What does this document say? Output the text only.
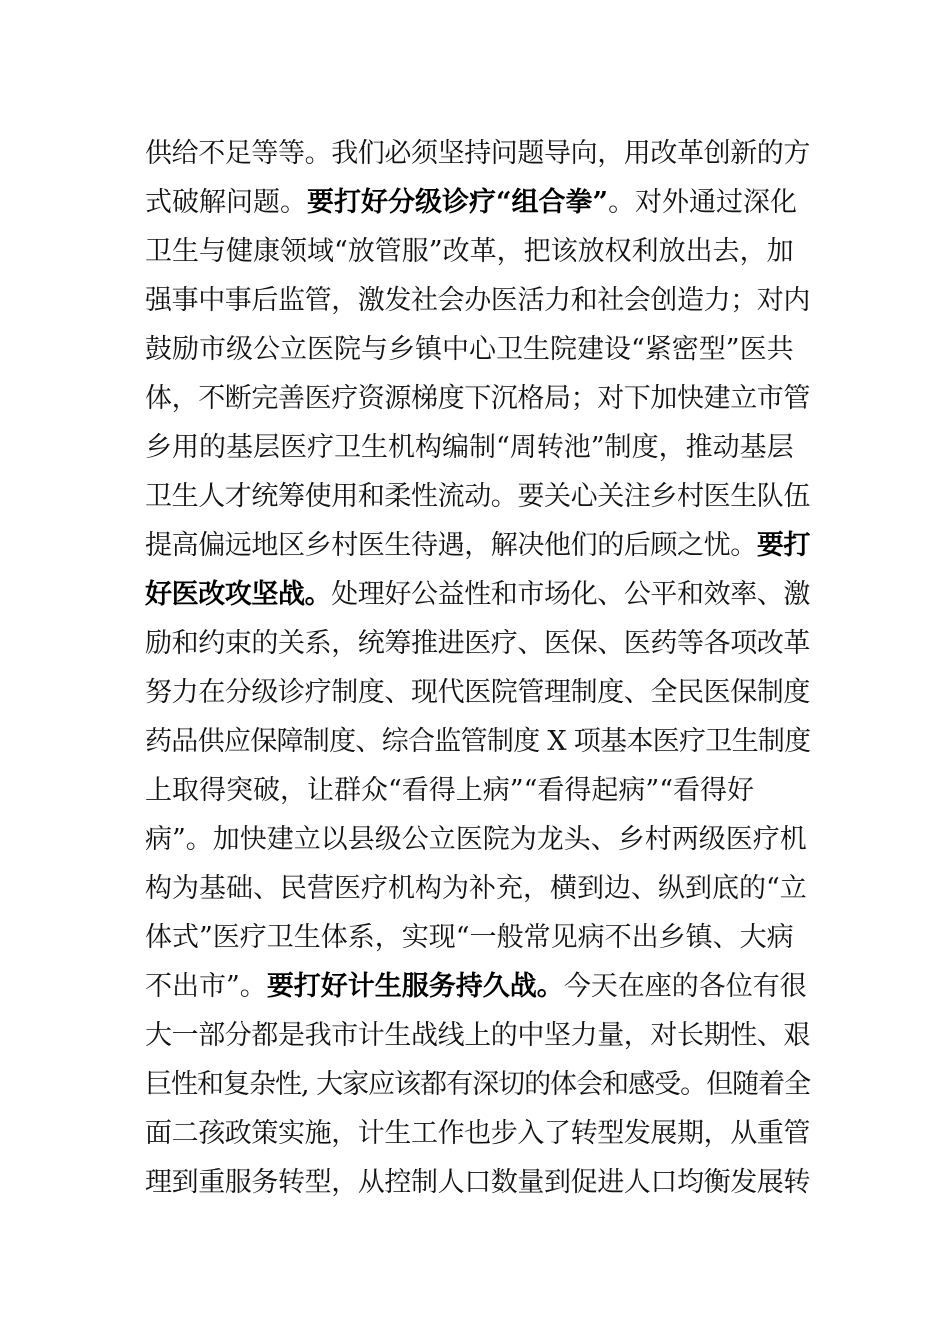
供给不足等等。我们必须坚持问题导向，用改革创新的方
式破解问题。要打好分级诊疗“组合拳”。对外通过深化
卫生与健康领域“放管服”改革，把该放权利放出去，加
强事中事后监管，激发社会办医活力和社会创造力；对内
鼓励市级公立医院与乡镇中心卫生院建设“紧密型”医共
体，不断完善医疗资源梯度下沉格局；对下加快建立市管
乡用的基层医疗卫生机构编制“周转池”制度，推动基层
卫生人才统筹使用和柔性流动。要关心关注乡村医生队伍
提高偏远地区乡村医生待遇，解决他们的后顾之忧。要打
好医改攻坚战。处理好公益性和市场化、公平和效率、激
励和约束的关系，统筹推进医疗、医保、医药等各项改革
努力在分级诊疗制度、现代医院管理制度、全民医保制度
药品供应保障制度、综合监管制度 X 项基本医疗卫生制度
上取得突破，让群众“看得上病”“看得起病”“看得好
病”。加快建立以县级公立医院为龙头、乡村两级医疗机
构为基础、民营医疗机构为补充，横到边、纵到底的“立
体式”医疗卫生体系，实现“一般常见病不出乡镇、大病
不出市”。要打好计生服务持久战。今天在座的各位有很
大一部分都是我市计生战线上的中坚力量，对长期性、艰
巨性和复杂性, 大家应该都有深切的体会和感受。但随着全
面二孩政策实施，计生工作也步入了转型发展期，从重管
理到重服务转型，从控制人口数量到促进人口均衡发展转
